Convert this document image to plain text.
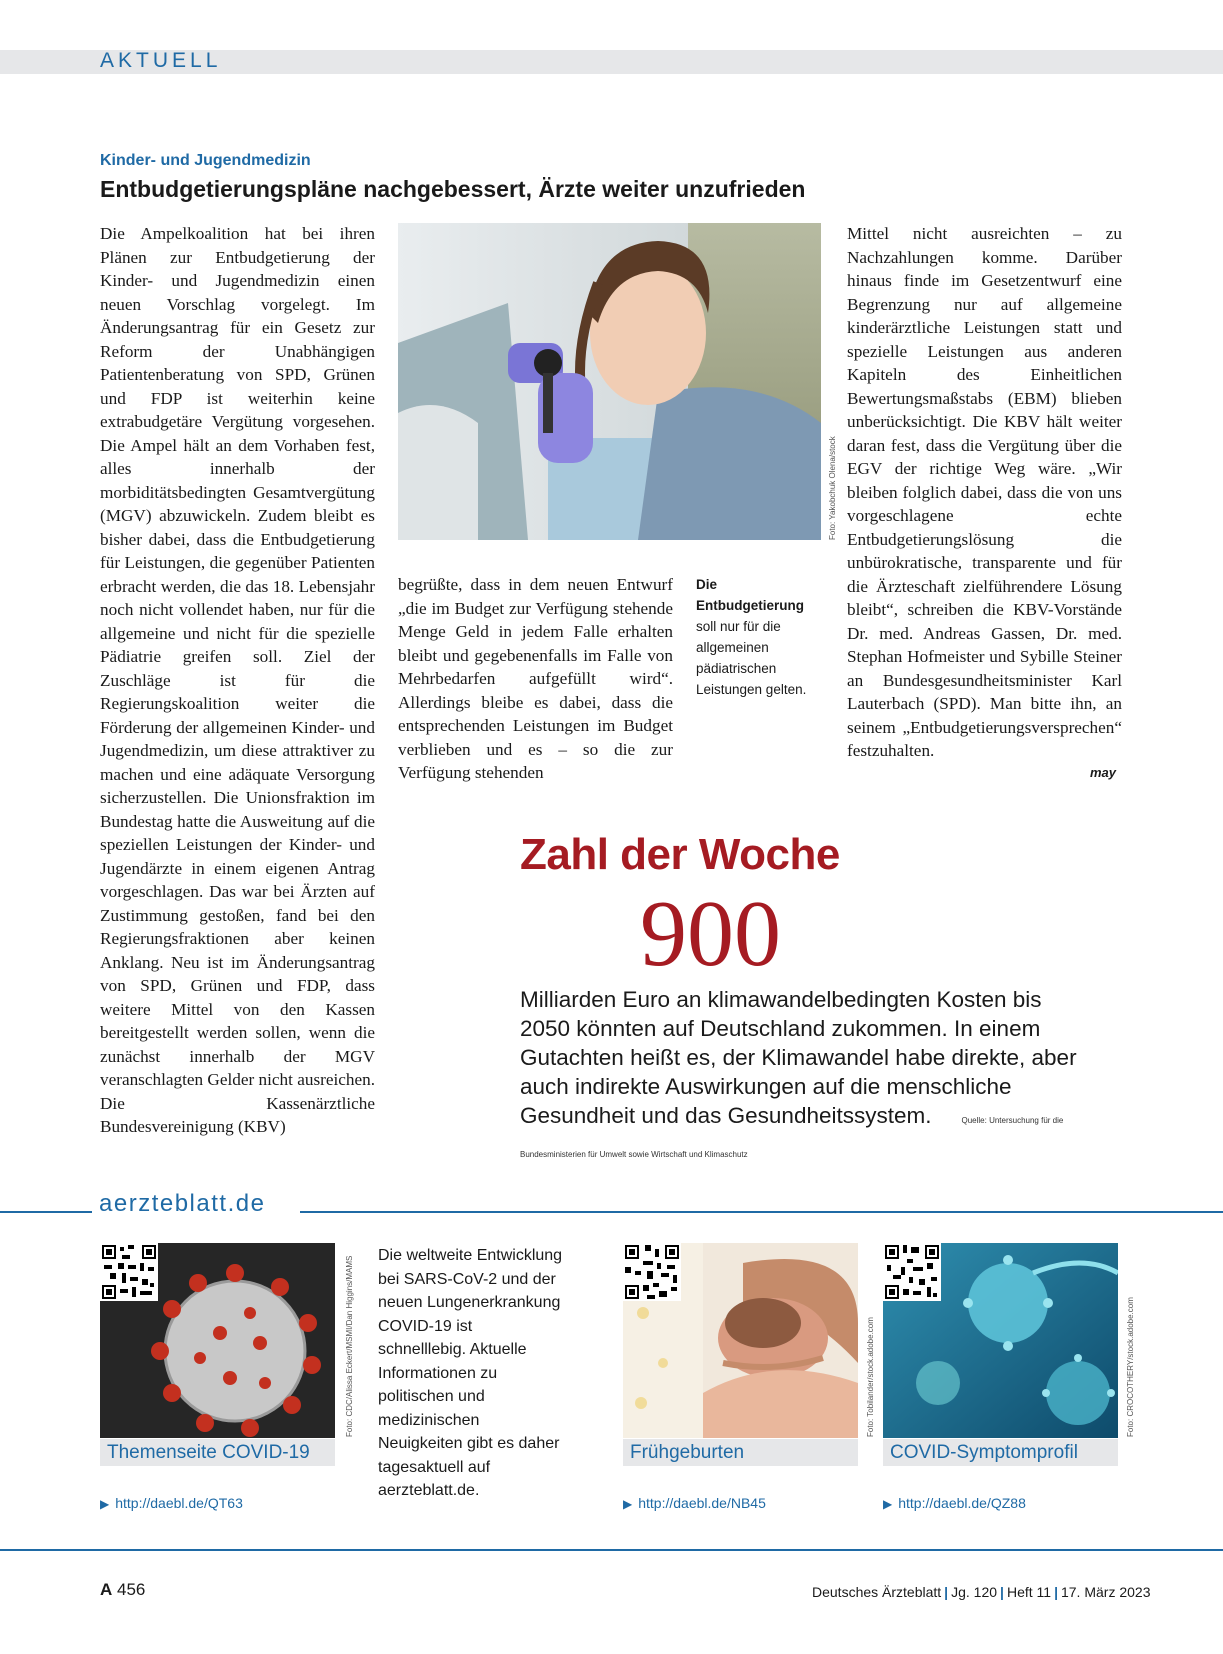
AKTUELL
Kinder- und Jugendmedizin
Entbudgetierungspläne nachgebessert, Ärzte weiter unzufrieden
Die Ampelkoalition hat bei ihren Plänen zur Entbudgetierung der Kinder- und Jugendmedizin einen neuen Vorschlag vorgelegt. Im Änderungsantrag für ein Gesetz zur Reform der Unabhängigen Patientenberatung von SPD, Grünen und FDP ist weiterhin keine extrabudgetäre Vergütung vorgesehen. Die Ampel hält an dem Vorhaben fest, alles innerhalb der morbiditätsbedingten Gesamtvergütung (MGV) abzuwickeln. Zudem bleibt es bisher dabei, dass die Entbudgetierung für Leistungen, die gegenüber Patienten erbracht werden, die das 18. Lebensjahr noch nicht vollendet haben, nur für die allgemeine und nicht für die spezielle Pädiatrie greifen soll. Ziel der Zuschläge ist für die Regierungskoalition weiter die Förderung der allgemeinen Kinder- und Jugendmedizin, um diese attraktiver zu machen und eine adäquate Versorgung sicherzustellen. Die Unionsfraktion im Bundestag hatte die Ausweitung auf die speziellen Leistungen der Kinder- und Jugendärzte in einem eigenen Antrag vorgeschlagen. Das war bei Ärzten auf Zustimmung gestoßen, fand bei den Regierungsfraktionen aber keinen Anklang. Neu ist im Änderungsantrag von SPD, Grünen und FDP, dass weitere Mittel von den Kassen bereitgestellt werden sollen, wenn die zunächst innerhalb der MGV veranschlagten Gelder nicht ausreichen. Die Kassenärztliche Bundesvereinigung (KBV)
Foto: Yakobchuk Olena/stock
begrüßte, dass in dem neuen Entwurf „die im Budget zur Verfügung stehende Menge Geld in jedem Falle erhalten bleibt und gegebenenfalls im Falle von Mehrbedarfen aufgefüllt wird“. Allerdings bleibe es dabei, dass die entsprechenden Leistungen im Budget verblieben und es – so die zur Verfügung stehenden
Die Entbudgetierung soll nur für die allgemeinen pädiatrischen Leistungen gelten.
Mittel nicht ausreichten – zu Nachzahlungen komme. Darüber hinaus finde im Gesetzentwurf eine Begrenzung nur auf allgemeine kinderärztliche Leistungen statt und spezielle Leistungen aus anderen Kapiteln des Einheitlichen Bewertungsmaßstabs (EBM) blieben unberücksichtigt. Die KBV hält weiter daran fest, dass die Vergütung über die EGV der richtige Weg wäre. „Wir bleiben folglich dabei, dass die von uns vorgeschlagene echte Entbudgetierungslösung die unbürokratische, transparente und für die Ärzteschaft zielführendere Lösung bleibt“, schreiben die KBV-Vorstände Dr. med. Andreas Gassen, Dr. med. Stephan Hofmeister und Sybille Steiner an Bundesgesundheitsminister Karl Lauterbach (SPD). Man bitte ihn, an seinem „Entbudgetierungsversprechen“ festzuhalten.
may
Zahl der Woche
900
Milliarden Euro an klimawandelbedingten Kosten bis 2050 könnten auf Deutschland zukommen. In einem Gutachten heißt es, der Klimawandel habe direkte, aber auch indirekte Auswirkungen auf die menschliche Gesundheit und das Gesundheitssystem.	Quelle: Untersuchung für die Bundesministerien für Umwelt sowie Wirtschaft und Klimaschutz
aerzteblatt.de
Foto: CDC/Alissa Eckert/MSMI/Dan Higgins/MAMS
Themenseite COVID-19
▶ http://daebl.de/QT63
Die weltweite Entwicklung bei SARS-CoV-2 und der neuen Lungenerkrankung COVID-19 ist schnelllebig. Aktuelle Informationen zu politischen und medizinischen Neuigkeiten gibt es daher tagesaktuell auf aerzteblatt.de.
Foto: Tobilander/stock.adobe.com
Frühgeburten
▶ http://daebl.de/NB45
Foto: CROCOTHERY/stock.adobe.com
COVID-Symptomprofil
▶ http://daebl.de/QZ88
A 456	Deutsches Ärzteblatt | Jg. 120 | Heft 11 | 17. März 2023
